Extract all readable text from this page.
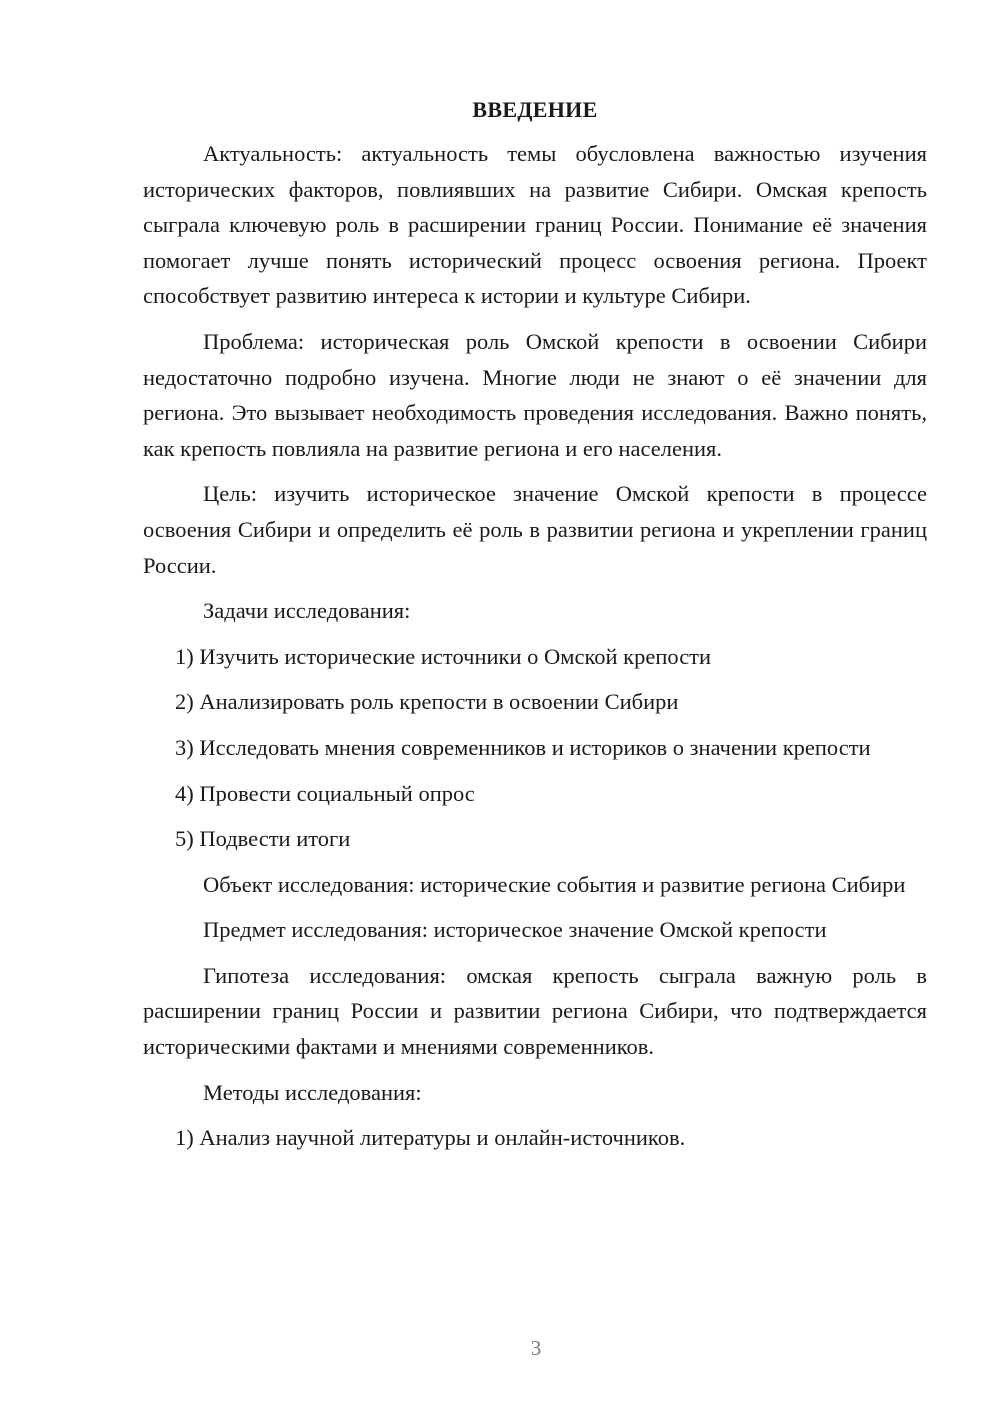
ВВЕДЕНИЕ

Актуальность: актуальность темы обусловлена важностью изучения исторических факторов, повлиявших на развитие Сибири. Омская крепость сыграла ключевую роль в расширении границ России. Понимание её значения помогает лучше понять исторический процесс освоения региона. Проект способствует развитию интереса к истории и культуре Сибири.

Проблема: историческая роль Омской крепости в освоении Сибири недостаточно подробно изучена. Многие люди не знают о её значении для региона. Это вызывает необходимость проведения исследования. Важно понять, как крепость повлияла на развитие региона и его населения.

Цель: изучить историческое значение Омской крепости в процессе освоения Сибири и определить её роль в развитии региона и укреплении границ России.

Задачи исследования:

1) Изучить исторические источники о Омской крепости

2) Анализировать роль крепости в освоении Сибири

3) Исследовать мнения современников и историков о значении крепости

4) Провести социальный опрос

5) Подвести итоги

Объект исследования: исторические события и развитие региона Сибири

Предмет исследования: историческое значение Омской крепости

Гипотеза исследования: омская крепость сыграла важную роль в расширении границ России и развитии региона Сибири, что подтверждается историческими фактами и мнениями современников.

Методы исследования:

1) Анализ научной литературы и онлайн-источников.

3
